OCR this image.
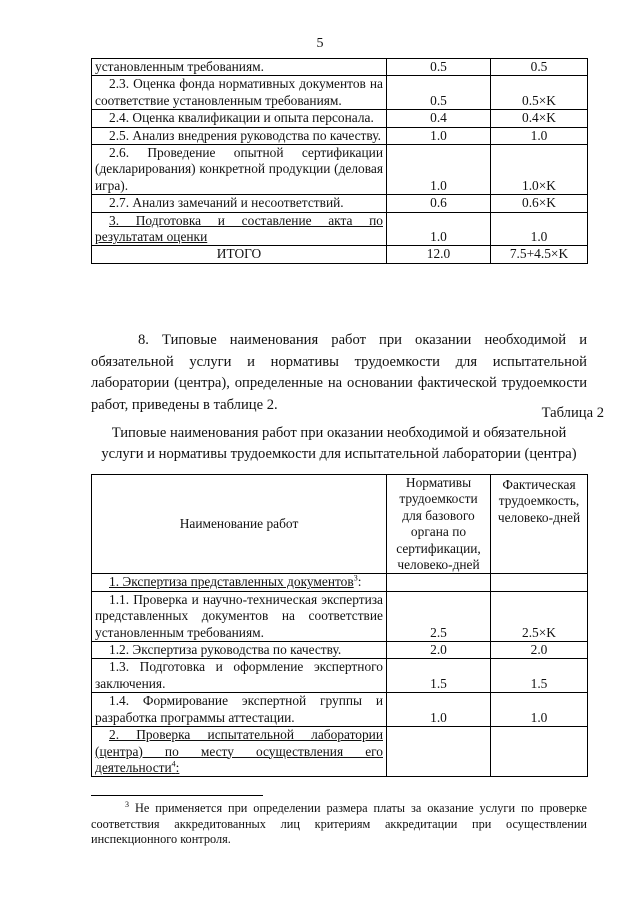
5
установленным требованиям.	0.5	0.5
2.3. Оценка фонда нормативных документов на соответствие установленным требованиям.	0.5	0.5×K
2.4. Оценка квалификации и опыта персонала.	0.4	0.4×K
2.5. Анализ внедрения руководства по качеству.	1.0	1.0
2.6. Проведение опытной сертификации (декларирования) конкретной продукции (деловая игра).	1.0	1.0×K
2.7. Анализ замечаний и несоответствий.	0.6	0.6×K
3. Подготовка и составление акта по результатам оценки	1.0	1.0
ИТОГО	12.0	7.5+4.5×K
8. Типовые наименования работ при оказании необходимой и обязательной услуги и нормативы трудоемкости для испытательной лаборатории (центра), определенные на основании фактической трудоемкости работ, приведены в таблице 2.
Таблица 2
Типовые наименования работ при оказании необходимой и обязательной услуги и нормативы трудоемкости для испытательной лаборатории (центра)
Наименование работ	Нормативы трудоемкости для базового органа по сертификации, человеко-дней	Фактическая трудоемкость, человеко-дней
1. Экспертиза представленных документов$^3$:		
1.1. Проверка и научно-техническая экспертиза представленных документов на соответствие установленным требованиям.	2.5	2.5×K
1.2. Экспертиза руководства по качеству.	2.0	2.0
1.3. Подготовка и оформление экспертного заключения.	1.5	1.5
1.4. Формирование экспертной группы и разработка программы аттестации.	1.0	1.0
2. Проверка испытательной лаборатории (центра) по месту осуществления его деятельности$^4$:		
$^3$ Не применяется при определении размера платы за оказание услуги по проверке соответствия аккредитованных лиц критериям аккредитации при осуществлении инспекционного контроля.
